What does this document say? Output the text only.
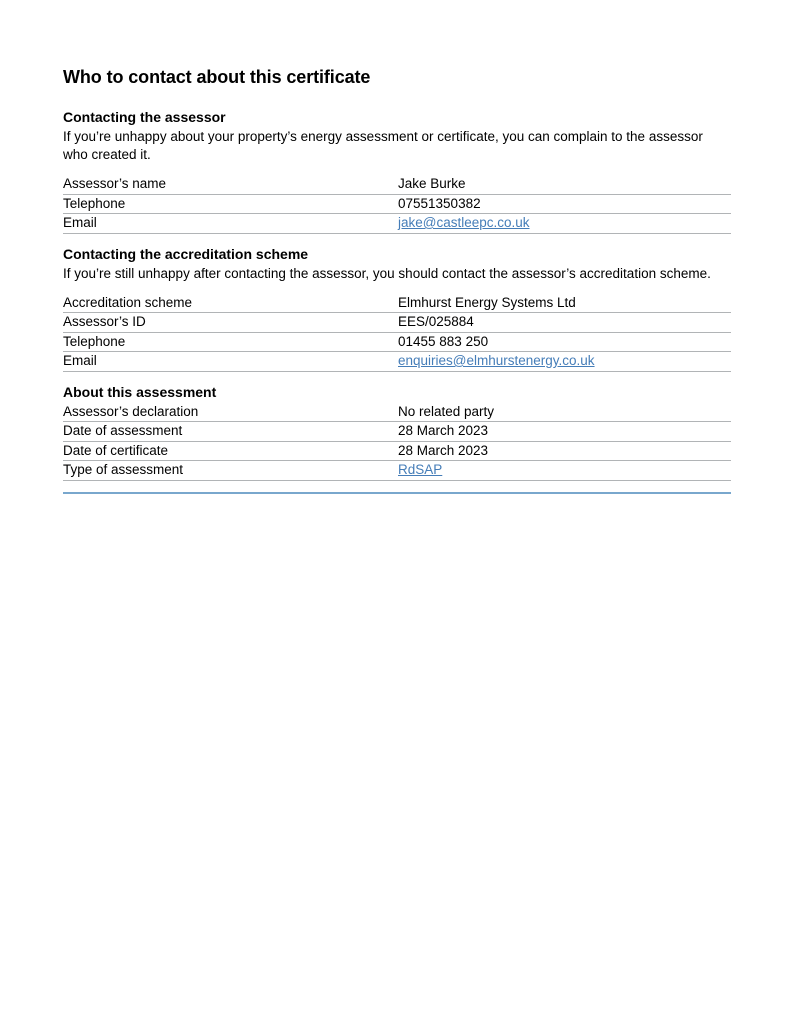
Who to contact about this certificate
Contacting the assessor

If you’re unhappy about your property’s energy assessment or certificate, you can complain to the assessor who created it.

Assessor’s name	Jake Burke
Telephone	07551350382
Email	jake@castleepc.co.uk
Contacting the accreditation scheme

If you’re still unhappy after contacting the assessor, you should contact the assessor’s accreditation scheme.

Accreditation scheme	Elmhurst Energy Systems Ltd
Assessor’s ID	EES/025884
Telephone	01455 883 250
Email	enquiries@elmhurstenergy.co.uk
About this assessment
Assessor’s declaration	No related party
Date of assessment	28 March 2023
Date of certificate	28 March 2023
Type of assessment	RdSAP
